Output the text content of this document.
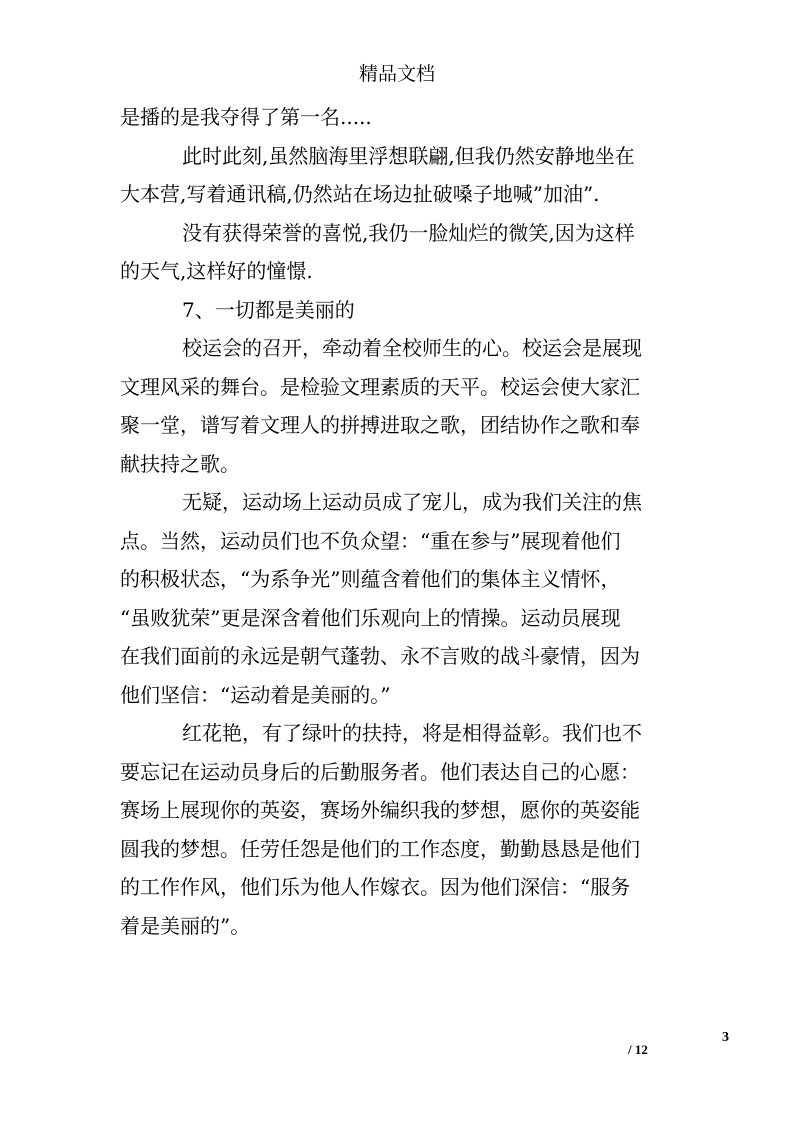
精品文档
是播的是我夺得了第一名.....
此时此刻,虽然脑海里浮想联翩,但我仍然安静地坐在
大本营,写着通讯稿,仍然站在场边扯破嗓子地喊”加油”.
没有获得荣誉的喜悦,我仍一脸灿烂的微笑,因为这样
的天气,这样好的憧憬.
7、一切都是美丽的
校运会的召开，牵动着全校师生的心。校运会是展现
文理风采的舞台。是检验文理素质的天平。校运会使大家汇
聚一堂，谱写着文理人的拼搏进取之歌，团结协作之歌和奉
献扶持之歌。
无疑，运动场上运动员成了宠儿，成为我们关注的焦
点。当然，运动员们也不负众望：“重在参与”展现着他们
的积极状态，“为系争光”则蕴含着他们的集体主义情怀，
“虽败犹荣”更是深含着他们乐观向上的情操。运动员展现
在我们面前的永远是朝气蓬勃、永不言败的战斗豪情，因为
他们坚信：“运动着是美丽的。”
红花艳，有了绿叶的扶持，将是相得益彰。我们也不
要忘记在运动员身后的后勤服务者。他们表达自己的心愿：
赛场上展现你的英姿，赛场外编织我的梦想，愿你的英姿能
圆我的梦想。任劳任怨是他们的工作态度，勤勤恳恳是他们
的工作作风，他们乐为他人作嫁衣。因为他们深信：“服务
着是美丽的”。
3
/ 12
